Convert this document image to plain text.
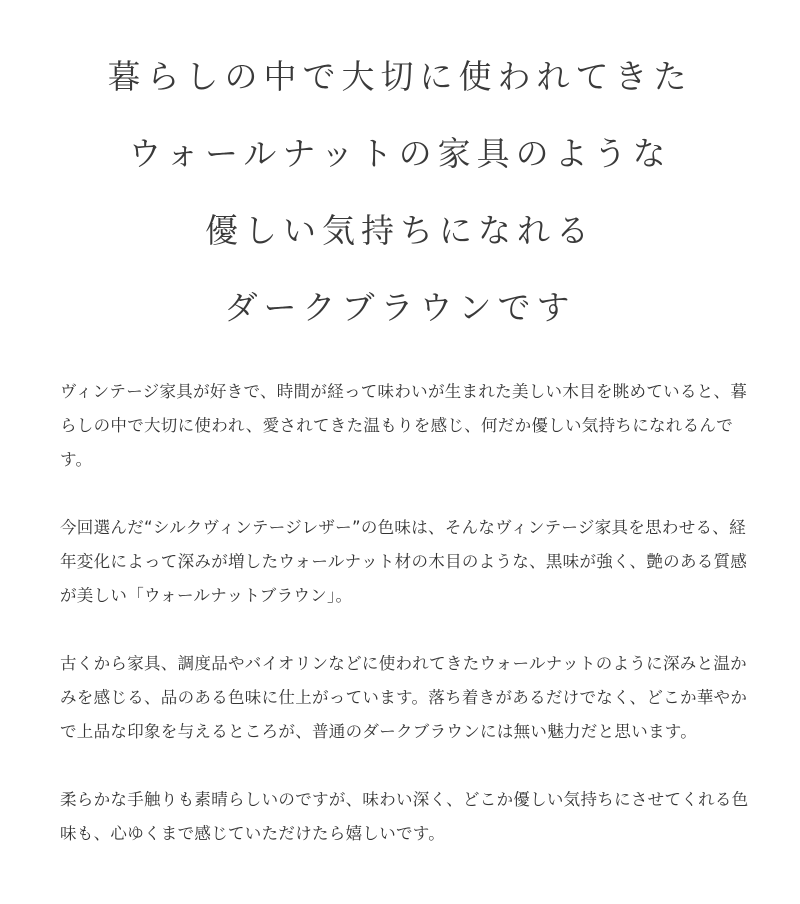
暮らしの中で大切に使われてきた
ウォールナットの家具のような
優しい気持ちになれる
ダークブラウンです

ヴィンテージ家具が好きで、時間が経って味わいが生まれた美しい木目を眺めていると、暮らしの中で大切に使われ、愛されてきた温もりを感じ、何だか優しい気持ちになれるんです。

今回選んだ“シルクヴィンテージレザー”の色味は、そんなヴィンテージ家具を思わせる、経年変化によって深みが増したウォールナット材の木目のような、黒味が強く、艶のある質感が美しい「ウォールナットブラウン」。

古くから家具、調度品やバイオリンなどに使われてきたウォールナットのように深みと温かみを感じる、品のある色味に仕上がっています。落ち着きがあるだけでなく、どこか華やかで上品な印象を与えるところが、普通のダークブラウンには無い魅力だと思います。

柔らかな手触りも素晴らしいのですが、味わい深く、どこか優しい気持ちにさせてくれる色味も、心ゆくまで感じていただけたら嬉しいです。
